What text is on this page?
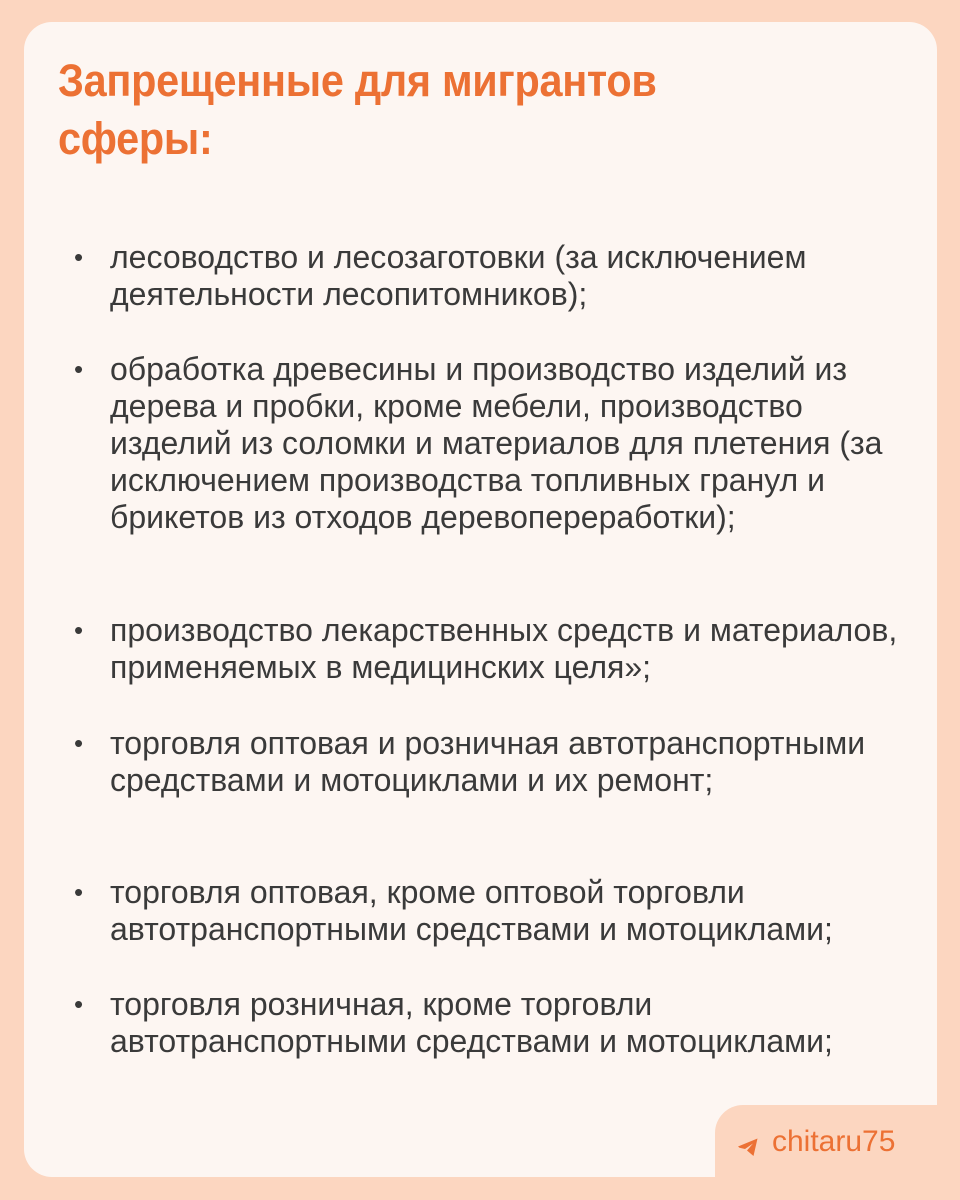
Запрещенные для мигрантов сферы:
• лесоводство и лесозаготовки (за исключением деятельности лесопитомников);
• обработка древесины и производство изделий из дерева и пробки, кроме мебели, производство изделий из соломки и материалов для плетения (за исключением производства топливных гранул и брикетов из отходов деревопереработки);
• производство лекарственных средств и материалов, применяемых в медицинских целя»;
• торговля оптовая и розничная автотранспортными средствами и мотоциклами и их ремонт;
• торговля оптовая, кроме оптовой торговли автотранспортными средствами и мотоциклами;
• торговля розничная, кроме торговли автотранспортными средствами и мотоциклами;
chitaru75
